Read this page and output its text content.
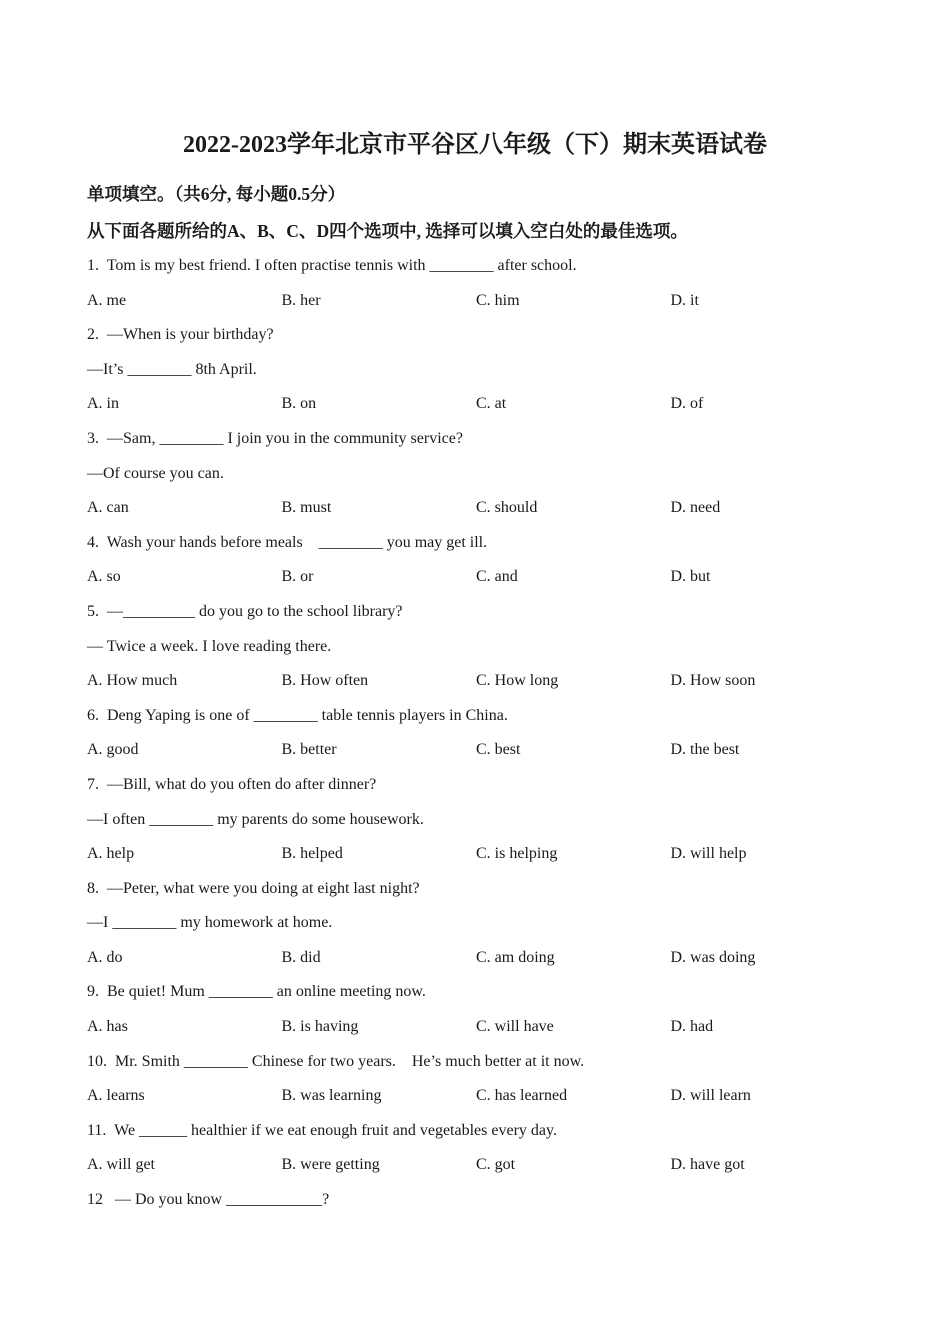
2022-2023学年北京市平谷区八年级（下）期末英语试卷
单项填空。（共6分, 每小题0.5分）
从下面各题所给的A、B、C、D四个选项中, 选择可以填入空白处的最佳选项。
1.  Tom is my best friend. I often practise tennis with ________ after school.
A. me	B. her	C. him	D. it
2.  —When is your birthday?
—It’s ________ 8th April.
A. in	B. on	C. at	D. of
3.  —Sam, ________ I join you in the community service?
—Of course you can.
A. can	B. must	C. should	D. need
4.  Wash your hands before meals    ________ you may get ill.
A. so	B. or	C. and	D. but
5.  —_________ do you go to the school library?
— Twice a week. I love reading there.
A. How much	B. How often	C. How long	D. How soon
6.  Deng Yaping is one of ________ table tennis players in China.
A. good	B. better	C. best	D. the best
7.  —Bill, what do you often do after dinner?
—I often ________ my parents do some housework.
A. help	B. helped	C. is helping	D. will help
8.  —Peter, what were you doing at eight last night?
—I ________ my homework at home.
A. do	B. did	C. am doing	D. was doing
9.  Be quiet! Mum ________ an online meeting now.
A. has	B. is having	C. will have	D. had
10.  Mr. Smith ________ Chinese for two years.    He’s much better at it now.
A. learns	B. was learning	C. has learned	D. will learn
11.  We ______ healthier if we eat enough fruit and vegetables every day.
A. will get	B. were getting	C. got	D. have got
12   — Do you know ____________?
